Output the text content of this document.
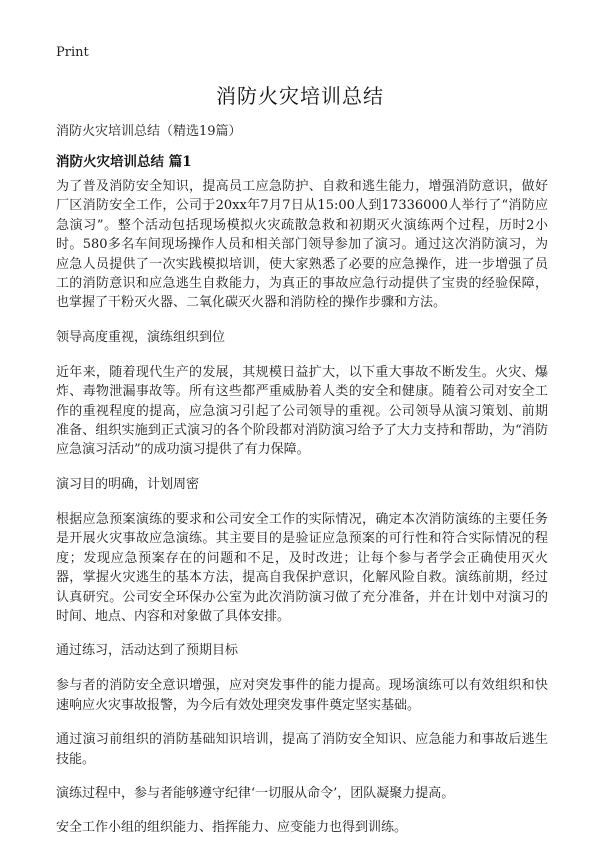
Print
消防火灾培训总结
消防火灾培训总结（精选19篇）
消防火灾培训总结 篇1

为了普及消防安全知识，提高员工应急防护、自救和逃生能力，增强消防意识，做好厂区消防安全工作，公司于20xx年7月7日从15:00人到17336000人举行了“消防应急演习”。整个活动包括现场模拟火灾疏散急救和初期灭火演练两个过程，历时2小时。580多名车间现场操作人员和相关部门领导参加了演习。通过这次消防演习，为应急人员提供了一次实践模拟培训，使大家熟悉了必要的应急操作，进一步增强了员工的消防意识和应急逃生自救能力，为真正的事故应急行动提供了宝贵的经验保障，也掌握了干粉灭火器、二氧化碳灭火器和消防栓的操作步骤和方法。

领导高度重视，演练组织到位

近年来，随着现代生产的发展，其规模日益扩大，以下重大事故不断发生。火灾、爆炸、毒物泄漏事故等。所有这些都严重威胁着人类的安全和健康。随着公司对安全工作的重视程度的提高，应急演习引起了公司领导的重视。公司领导从演习策划、前期准备、组织实施到正式演习的各个阶段都对消防演习给予了大力支持和帮助，为“消防应急演习活动”的成功演习提供了有力保障。

演习目的明确，计划周密

根据应急预案演练的要求和公司安全工作的实际情况，确定本次消防演练的主要任务是开展火灾事故应急演练。其主要目的是验证应急预案的可行性和符合实际情况的程度；发现应急预案存在的问题和不足，及时改进；让每个参与者学会正确使用灭火器，掌握火灾逃生的基本方法，提高自我保护意识，化解风险自救。演练前期，经过认真研究。公司安全环保办公室为此次消防演习做了充分准备，并在计划中对演习的时间、地点、内容和对象做了具体安排。

通过练习，活动达到了预期目标

参与者的消防安全意识增强，应对突发事件的能力提高。现场演练可以有效组织和快速响应火灾事故报警，为今后有效处理突发事件奠定坚实基础。

通过演习前组织的消防基础知识培训，提高了消防安全知识、应急能力和事故后逃生技能。

演练过程中，参与者能够遵守纪律‘一切服从命令’，团队凝聚力提高。

安全工作小组的组织能力、指挥能力、应变能力也得到训练。
